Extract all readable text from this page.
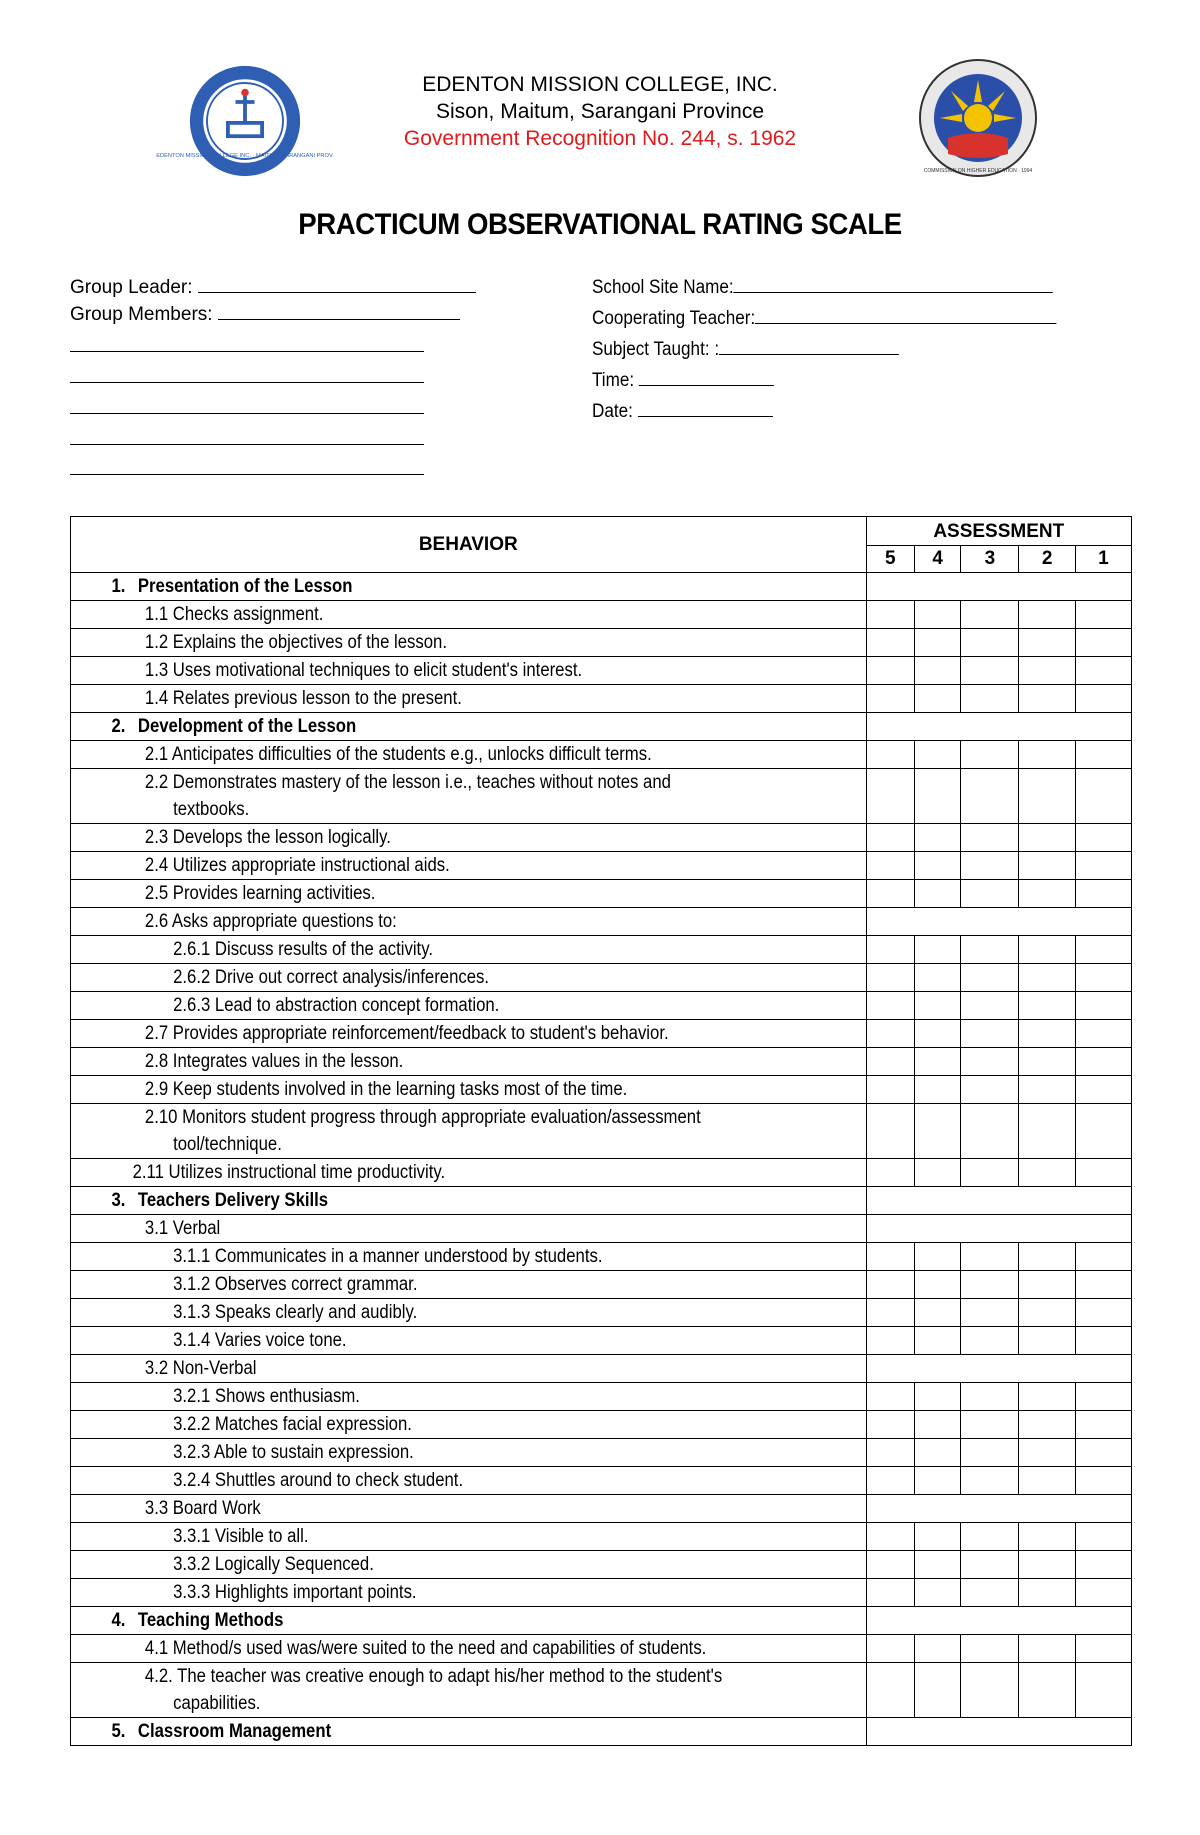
EDENTON MISSION COLLEGE INC. · MAITUM, SARANGANI PROV.
COMMISSION ON HIGHER EDUCATION · 1994
EDENTON MISSION COLLEGE, INC.
Sison, Maitum, Sarangani Province
Government Recognition No. 244, s. 1962
PRACTICUM OBSERVATIONAL RATING SCALE
Group Leader:
Group Members:
School Site Name:
Cooperating Teacher:
Subject Taught: :
Time:
Date:
BEHAVIOR	ASSESSMENT				
	5	4	3	2	1

1. Presentation of the Lesson					

1.1 Checks assignment.					

1.2 Explains the objectives of the lesson.					

1.3 Uses motivational techniques to elicit student's interest.					

1.4 Relates previous lesson to the present.					

2. Development of the Lesson					

2.1 Anticipates difficulties of the students e.g., unlocks difficult terms.					

2.2 Demonstrates mastery of the lesson i.e., teaches without notes and
textbooks.					

2.3 Develops the lesson logically.					

2.4 Utilizes appropriate instructional aids.					

2.5 Provides learning activities.					

2.6 Asks appropriate questions to:					

2.6.1 Discuss results of the activity.					

2.6.2 Drive out correct analysis/inferences.					

2.6.3 Lead to abstraction concept formation.					

2.7 Provides appropriate reinforcement/feedback to student's behavior.					

2.8 Integrates values in the lesson.					

2.9 Keep students involved in the learning tasks most of the time.					

2.10 Monitors student progress through appropriate evaluation/assessment
tool/technique.					

2.11 Utilizes instructional time productivity.					

3. Teachers Delivery Skills					

3.1 Verbal					

3.1.1 Communicates in a manner understood by students.					

3.1.2 Observes correct grammar.					

3.1.3 Speaks clearly and audibly.					

3.1.4 Varies voice tone.					

3.2 Non-Verbal					

3.2.1 Shows enthusiasm.					

3.2.2 Matches facial expression.					

3.2.3 Able to sustain expression.					

3.2.4 Shuttles around to check student.					

3.3 Board Work					

3.3.1 Visible to all.					

3.3.2 Logically Sequenced.					

3.3.3 Highlights important points.					

4. Teaching Methods					

4.1 Method/s used was/were suited to the need and capabilities of students.					

4.2. The teacher was creative enough to adapt his/her method to the student's
capabilities.					

5. Classroom Management					
